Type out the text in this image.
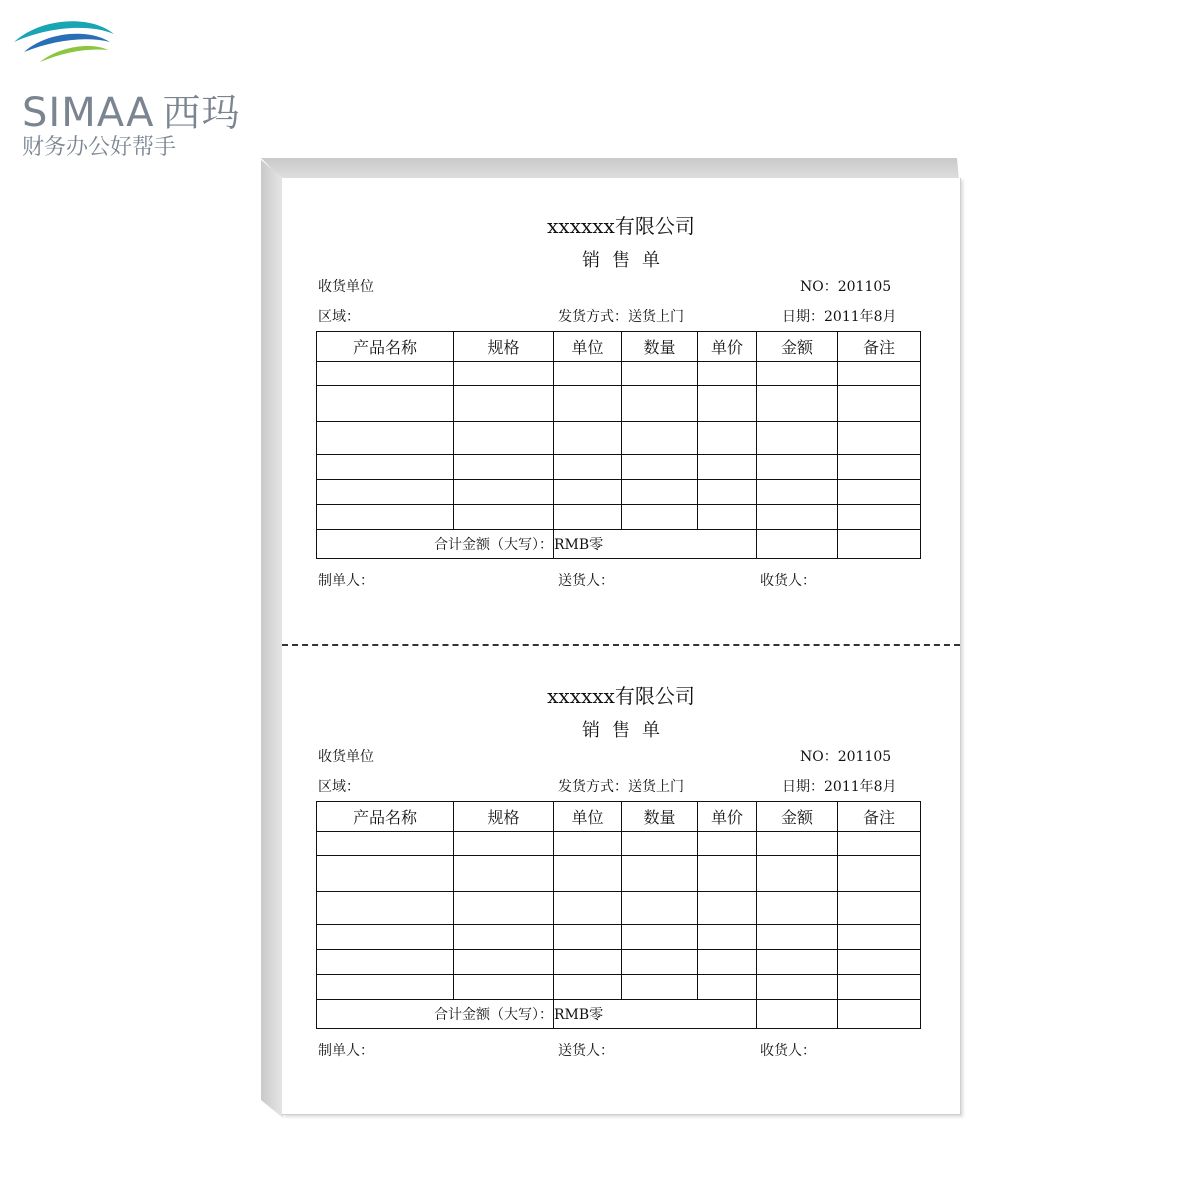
SIMAA 西玛
财务办公好帮手
xxxxxx有限公司
销售单
收货单位	NO：201105
区域：	发货方式：送货上门	日期：2011年8月
产品名称	规格	单位	数量	单价	金额	备注

合计金额（大写）：		RMB零				
制单人：	送货人：	收货人：
xxxxxx有限公司
销售单
收货单位	NO：201105
区域：	发货方式：送货上门	日期：2011年8月
产品名称	规格	单位	数量	单价	金额	备注

合计金额（大写）：		RMB零				
制单人：	送货人：	收货人：
